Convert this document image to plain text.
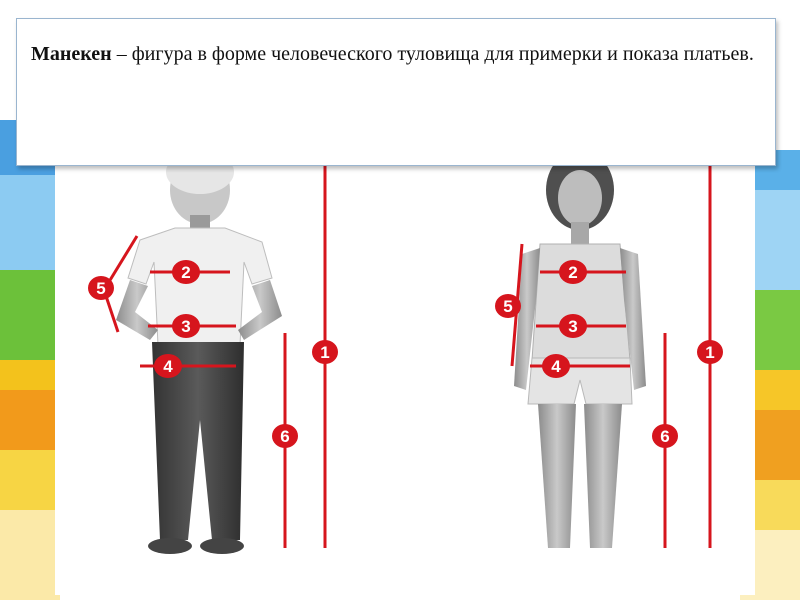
1
2
3
4
5
6
1
2
3
4
5
6
Манекен – фигура в форме человеческого туловища для примерки и показа платьев.
